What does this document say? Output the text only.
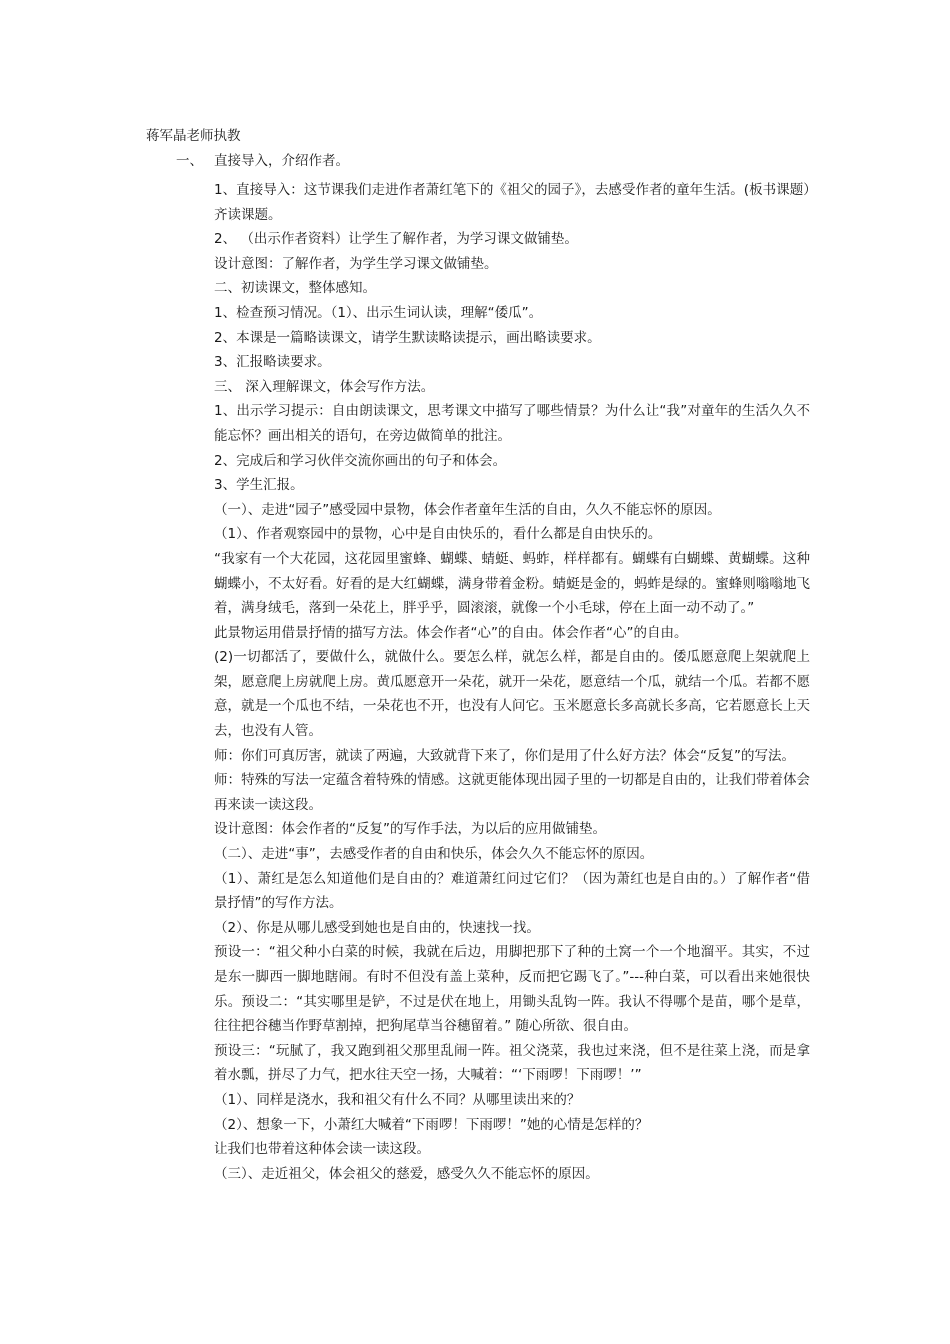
蒋军晶老师执教
一、 直接导入，介绍作者。

1、直接导入：这节课我们走进作者萧红笔下的《祖父的园子》，去感受作者的童年生活。(板书课题）齐读课题。

2、 （出示作者资料）让学生了解作者，为学习课文做铺垫。

设计意图：了解作者，为学生学习课文做铺垫。

二、初读课文，整体感知。

1、检查预习情况。（1）、出示生词认读，理解“倭瓜”。

2、本课是一篇略读课文，请学生默读略读提示，画出略读要求。

3、汇报略读要求。

三、 深入理解课文，体会写作方法。

1、出示学习提示：自由朗读课文，思考课文中描写了哪些情景？为什么让“我”对童年的生活久久不能忘怀？画出相关的语句，在旁边做简单的批注。

2、完成后和学习伙伴交流你画出的句子和体会。

3、学生汇报。

（一）、走进“园子”感受园中景物，体会作者童年生活的自由，久久不能忘怀的原因。

（1）、作者观察园中的景物，心中是自由快乐的，看什么都是自由快乐的。

“我家有一个大花园，这花园里蜜蜂、蝴蝶、蜻蜓、蚂蚱，样样都有。蝴蝶有白蝴蝶、黄蝴蝶。这种蝴蝶小，不太好看。好看的是大红蝴蝶，满身带着金粉。蜻蜓是金的，蚂蚱是绿的。蜜蜂则嗡嗡地飞着，满身绒毛，落到一朵花上，胖乎乎，圆滚滚，就像一个小毛球，停在上面一动不动了。”

此景物运用借景抒情的描写方法。体会作者“心”的自由。体会作者“心”的自由。

(2)一切都活了，要做什么，就做什么。要怎么样，就怎么样，都是自由的。倭瓜愿意爬上架就爬上架，愿意爬上房就爬上房。黄瓜愿意开一朵花，就开一朵花，愿意结一个瓜，就结一个瓜。若都不愿意，就是一个瓜也不结，一朵花也不开，也没有人问它。玉米愿意长多高就长多高，它若愿意长上天去，也没有人管。

师：你们可真厉害，就读了两遍，大致就背下来了，你们是用了什么好方法？体会“反复”的写法。

师：特殊的写法一定蕴含着特殊的情感。这就更能体现出园子里的一切都是自由的，让我们带着体会再来读一读这段。

设计意图：体会作者的“反复”的写作手法，为以后的应用做铺垫。

（二）、走进“事”，去感受作者的自由和快乐，体会久久不能忘怀的原因。

（1）、萧红是怎么知道他们是自由的？难道萧红问过它们？（因为萧红也是自由的。）了解作者“借景抒情”的写作方法。

（2）、你是从哪儿感受到她也是自由的，快速找一找。

预设一：“祖父种小白菜的时候，我就在后边，用脚把那下了种的土窝一个一个地溜平。其实，不过是东一脚西一脚地瞎闹。有时不但没有盖上菜种，反而把它踢飞了。”---种白菜，可以看出来她很快乐。预设二：“其实哪里是铲，不过是伏在地上，用锄头乱钩一阵。我认不得哪个是苗，哪个是草，往往把谷穗当作野草割掉，把狗尾草当谷穗留着。” 随心所欲、很自由。

预设三：“玩腻了，我又跑到祖父那里乱闹一阵。祖父浇菜，我也过来浇，但不是往菜上浇，而是拿着水瓢，拼尽了力气，把水往天空一扬，大喊着：“‘下雨啰！下雨啰！’”

（1）、同样是浇水，我和祖父有什么不同？从哪里读出来的？

（2）、想象一下，小萧红大喊着“下雨啰！下雨啰！”她的心情是怎样的？

让我们也带着这种体会读一读这段。

（三）、走近祖父，体会祖父的慈爱，感受久久不能忘怀的原因。
